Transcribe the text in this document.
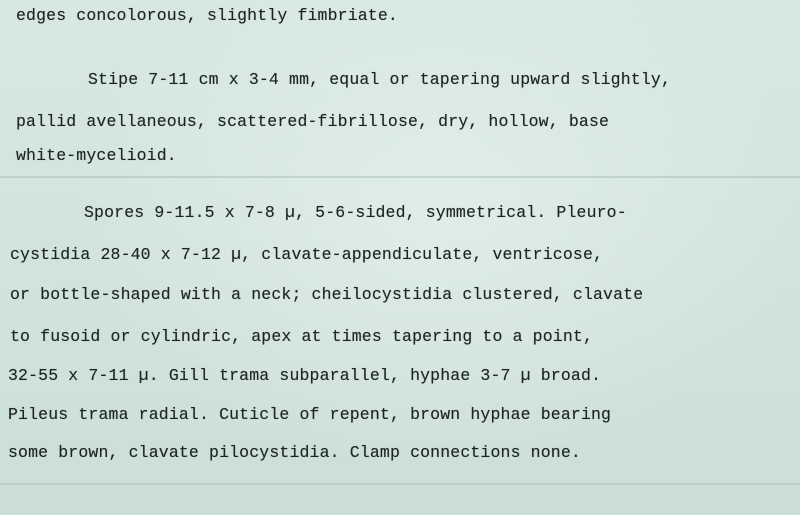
edges concolorous, slightly fimbriate.
Stipe 7-11 cm x 3-4 mm, equal or tapering upward slightly,
pallid avellaneous, scattered-fibrillose, dry, hollow, base
white-mycelioid.
Spores 9-11.5 x 7-8 µ, 5-6-sided, symmetrical. Pleuro-
cystidia 28-40 x 7-12 µ, clavate-appendiculate, ventricose,
or bottle-shaped with a neck; cheilocystidia clustered, clavate
to fusoid or cylindric, apex at times tapering to a point,
32-55 x 7-11 µ. Gill trama subparallel, hyphae 3-7 µ broad.
Pileus trama radial. Cuticle of repent, brown hyphae bearing
some brown, clavate pilocystidia. Clamp connections none.
